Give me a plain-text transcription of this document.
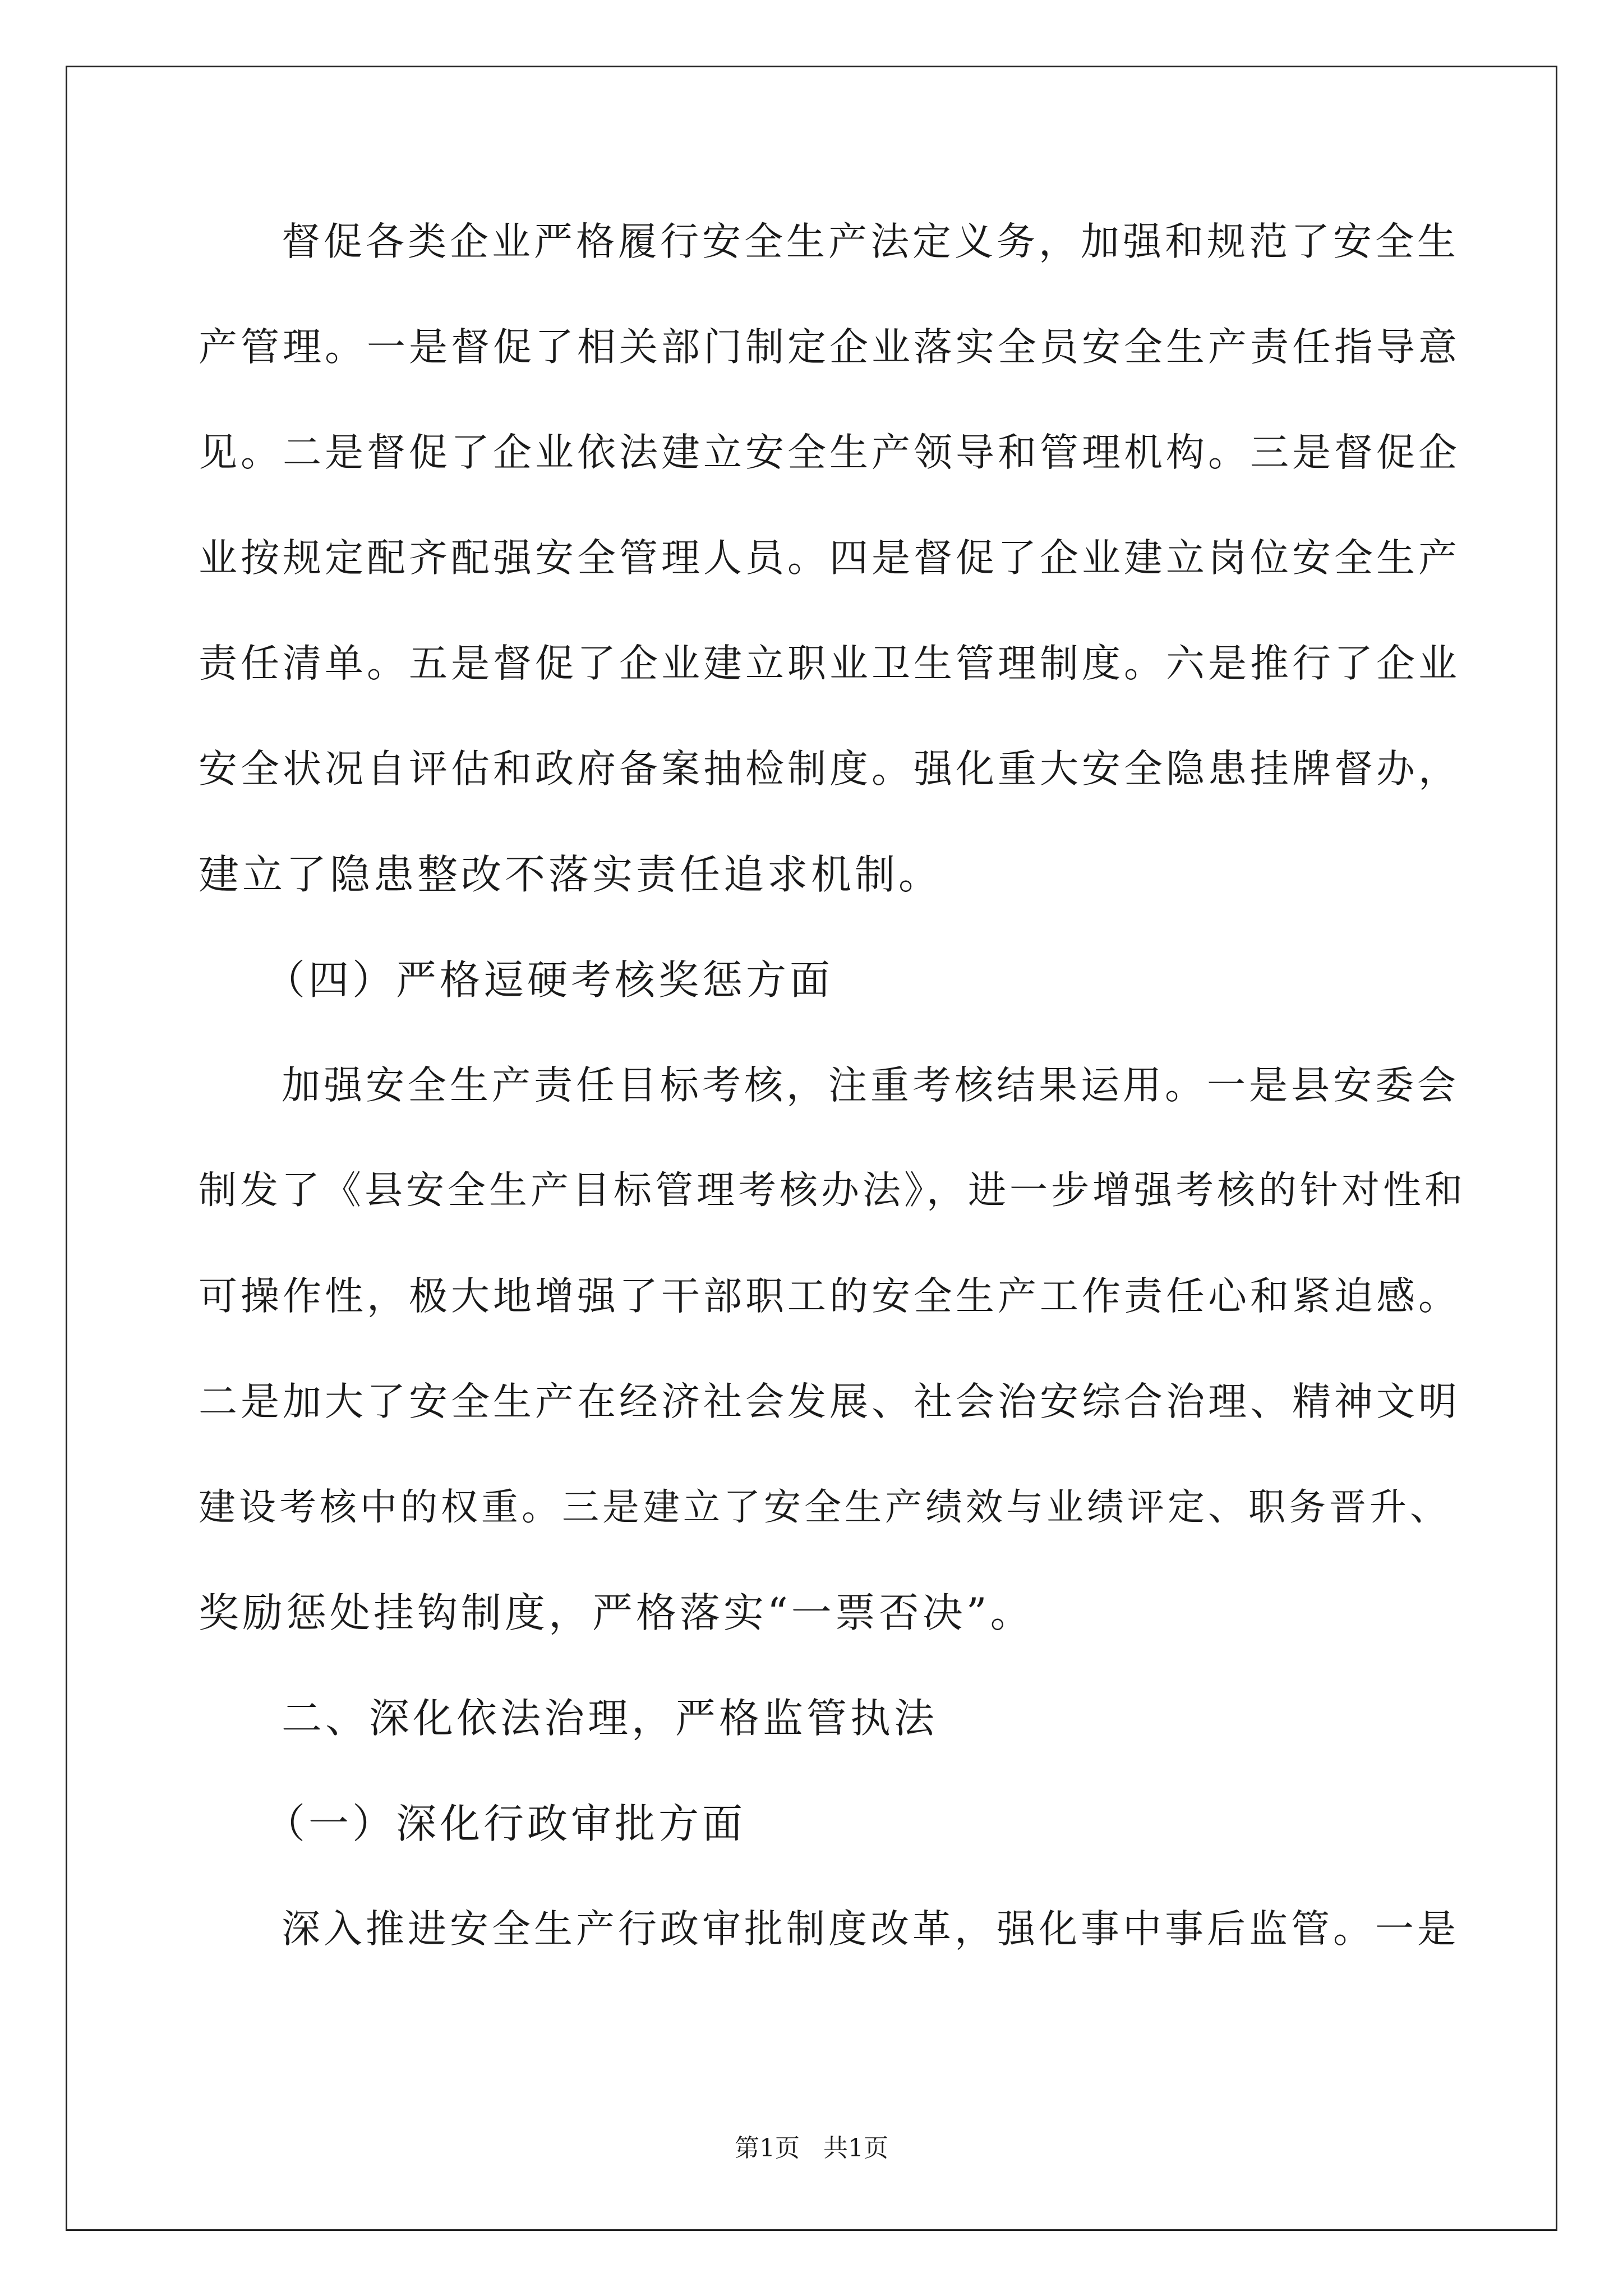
督促各类企业严格履行安全生产法定义务，加强和规范了安全生
产管理。一是督促了相关部门制定企业落实全员安全生产责任指导意
见。二是督促了企业依法建立安全生产领导和管理机构。三是督促企
业按规定配齐配强安全管理人员。四是督促了企业建立岗位安全生产
责任清单。五是督促了企业建立职业卫生管理制度。六是推行了企业
安全状况自评估和政府备案抽检制度。强化重大安全隐患挂牌督办，
建立了隐患整改不落实责任追求机制。
（四）严格逗硬考核奖惩方面
加强安全生产责任目标考核，注重考核结果运用。一是县安委会
制发了《县安全生产目标管理考核办法》，进一步增强考核的针对性和
可操作性，极大地增强了干部职工的安全生产工作责任心和紧迫感。
二是加大了安全生产在经济社会发展、社会治安综合治理、精神文明
建设考核中的权重。三是建立了安全生产绩效与业绩评定、职务晋升、
奖励惩处挂钩制度，严格落实“一票否决”。
二、深化依法治理，严格监管执法
（一）深化行政审批方面
深入推进安全生产行政审批制度改革，强化事中事后监管。一是
第1页   共1页
